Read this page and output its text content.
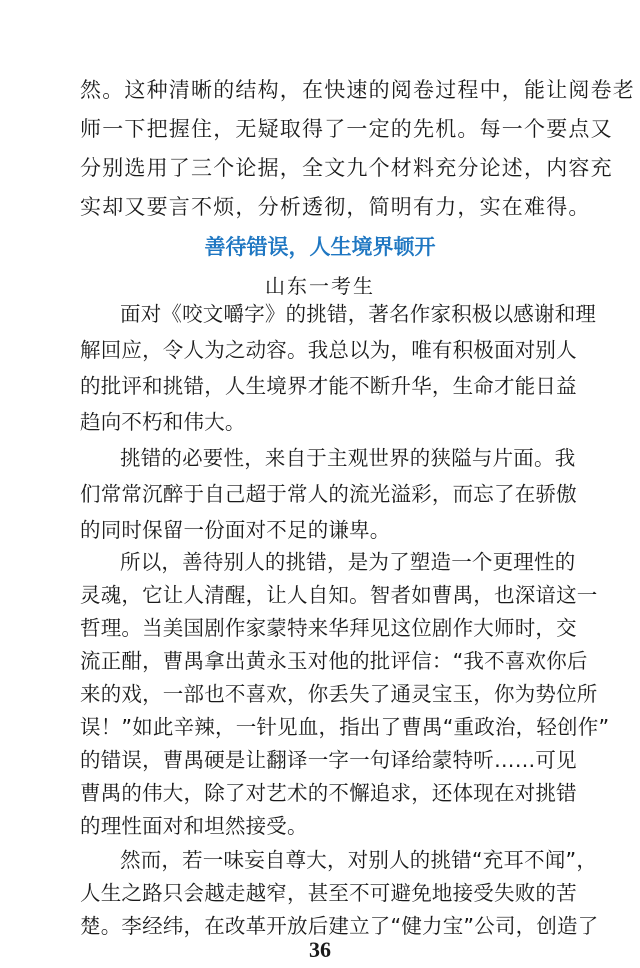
然。这种清晰的结构，在快速的阅卷过程中，能让阅卷老
师一下把握住，无疑取得了一定的先机。每一个要点又
分别选用了三个论据，全文九个材料充分论述，内容充
实却又要言不烦，分析透彻，简明有力，实在难得。
善待错误，人生境界顿开
山东一考生
面对《咬文嚼字》的挑错，著名作家积极以感谢和理
解回应，令人为之动容。我总以为，唯有积极面对别人
的批评和挑错，人生境界才能不断升华，生命才能日益
趋向不朽和伟大。
挑错的必要性，来自于主观世界的狭隘与片面。我
们常常沉醉于自己超于常人的流光溢彩，而忘了在骄傲
的同时保留一份面对不足的谦卑。
所以，善待别人的挑错，是为了塑造一个更理性的
灵魂，它让人清醒，让人自知。智者如曹禺，也深谙这一
哲理。当美国剧作家蒙特来华拜见这位剧作大师时，交
流正酣，曹禺拿出黄永玉对他的批评信：“我不喜欢你后
来的戏，一部也不喜欢，你丢失了通灵宝玉，你为势位所
误！”如此辛辣，一针见血，指出了曹禺“重政治，轻创作”
的错误，曹禺硬是让翻译一字一句译给蒙特听……可见
曹禺的伟大，除了对艺术的不懈追求，还体现在对挑错
的理性面对和坦然接受。
然而，若一味妄自尊大，对别人的挑错“充耳不闻”，
人生之路只会越走越窄，甚至不可避免地接受失败的苦
楚。李经纬，在改革开放后建立了“健力宝”公司，创造了
36
